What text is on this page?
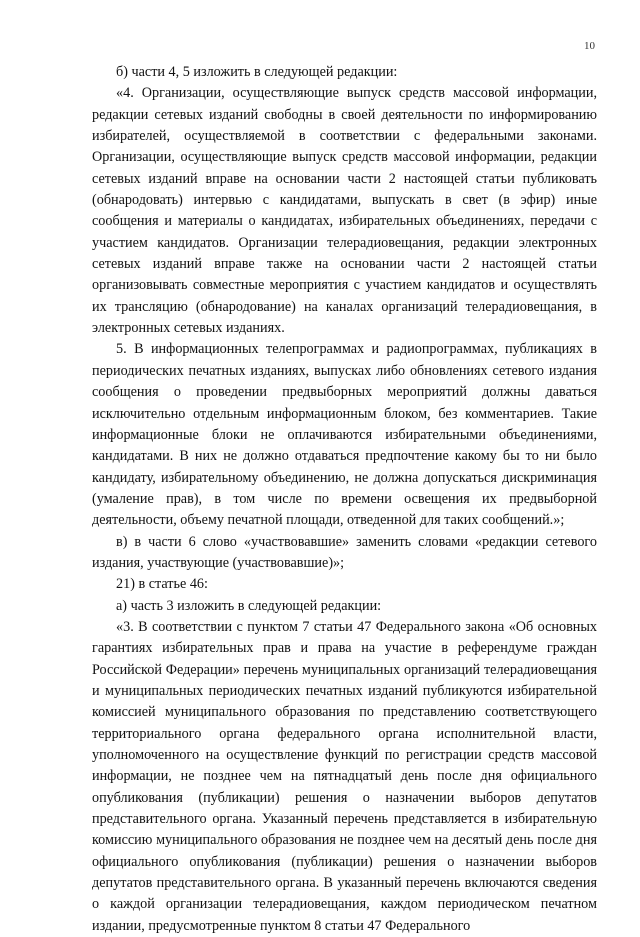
10

б) части 4, 5 изложить в следующей редакции:

«4. Организации, осуществляющие выпуск средств массовой информации, редакции сетевых изданий свободны в своей деятельности по информированию избирателей, осуществляемой в соответствии с федеральными законами. Организации, осуществляющие выпуск средств массовой информации, редакции сетевых изданий вправе на основании части 2 настоящей статьи публиковать (обнародовать) интервью с кандидатами, выпускать в свет (в эфир) иные сообщения и материалы о кандидатах, избирательных объединениях, передачи с участием кандидатов. Организации телерадиовещания, редакции электронных сетевых изданий вправе также на основании части 2 настоящей статьи организовывать совместные мероприятия с участием кандидатов и осуществлять их трансляцию (обнародование) на каналах организаций телерадиовещания, в электронных сетевых изданиях.

5. В информационных телепрограммах и радиопрограммах, публикациях в периодических печатных изданиях, выпусках либо обновлениях сетевого издания сообщения о проведении предвыборных мероприятий должны даваться исключительно отдельным информационным блоком, без комментариев. Такие информационные блоки не оплачиваются избирательными объединениями, кандидатами. В них не должно отдаваться предпочтение какому бы то ни было кандидату, избирательному объединению, не должна допускаться дискриминация (умаление прав), в том числе по времени освещения их предвыборной деятельности, объему печатной площади, отведенной для таких сообщений.»;

в) в части 6 слово «участвовавшие» заменить словами «редакции сетевого издания, участвующие (участвовавшие)»;

21) в статье 46:

а) часть 3 изложить в следующей редакции:

«3. В соответствии с пунктом 7 статьи 47 Федерального закона «Об основных гарантиях избирательных прав и права на участие в референдуме граждан Российской Федерации» перечень муниципальных организаций телерадиовещания и муниципальных периодических печатных изданий публикуются избирательной комиссией муниципального образования по представлению соответствующего территориального органа федерального органа исполнительной власти, уполномоченного на осуществление функций по регистрации средств массовой информации, не позднее чем на пятнадцатый день после дня официального опубликования (публикации) решения о назначении выборов депутатов представительного органа. Указанный перечень представляется в избирательную комиссию муниципального образования не позднее чем на десятый день после дня официального опубликования (публикации) решения о назначении выборов депутатов представительного органа. В указанный перечень включаются сведения о каждой организации телерадиовещания, каждом периодическом печатном издании, предусмотренные пунктом 8 статьи 47 Федерального
